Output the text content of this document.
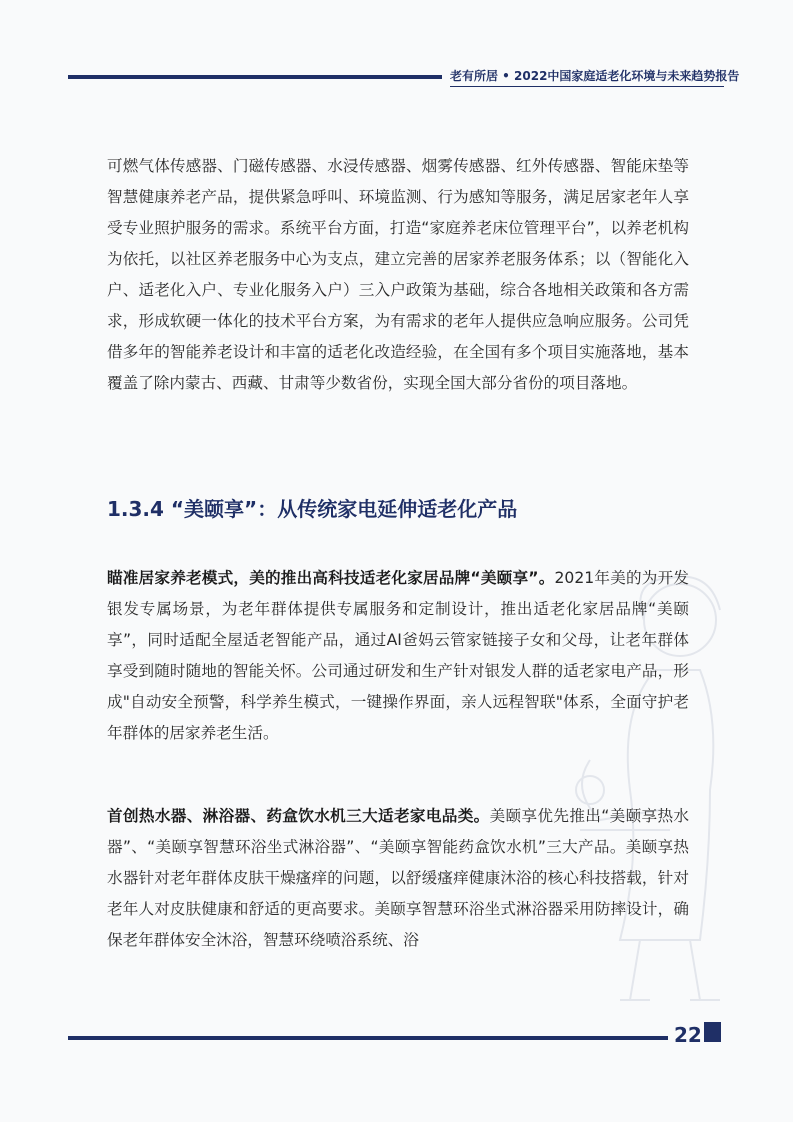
老有所居 • 2022中国家庭适老化环境与未来趋势报告

可燃气体传感器、门磁传感器、水浸传感器、烟雾传感器、红外传感器、智能床垫等智慧健康养老产品，提供紧急呼叫、环境监测、行为感知等服务，满足居家老年人享受专业照护服务的需求。系统平台方面，打造“家庭养老床位管理平台”，以养老机构为依托，以社区养老服务中心为支点，建立完善的居家养老服务体系；以（智能化入户、适老化入户、专业化服务入户）三入户政策为基础，综合各地相关政策和各方需求，形成软硬一体化的技术平台方案，为有需求的老年人提供应急响应服务。公司凭借多年的智能养老设计和丰富的适老化改造经验，在全国有多个项目实施落地，基本覆盖了除内蒙古、西藏、甘肃等少数省份，实现全国大部分省份的项目落地。

1.3.4 “美颐享”：从传统家电延伸适老化产品

瞄准居家养老模式，美的推出高科技适老化家居品牌“美颐享”。2021年美的为开发银发专属场景，为老年群体提供专属服务和定制设计，推出适老化家居品牌“美颐享”，同时适配全屋适老智能产品，通过AI爸妈云管家链接子女和父母，让老年群体享受到随时随地的智能关怀。公司通过研发和生产针对银发人群的适老家电产品，形成"自动安全预警，科学养生模式，一键操作界面，亲人远程智联"体系，全面守护老年群体的居家养老生活。

首创热水器、淋浴器、药盒饮水机三大适老家电品类。美颐享优先推出“美颐享热水器”、“美颐享智慧环浴坐式淋浴器”、“美颐享智能药盒饮水机”三大产品。美颐享热水器针对老年群体皮肤干燥瘙痒的问题，以舒缓瘙痒健康沐浴的核心科技搭载，针对老年人对皮肤健康和舒适的更高要求。美颐享智慧环浴坐式淋浴器采用防摔设计，确保老年群体安全沐浴，智慧环绕喷浴系统、浴

22
